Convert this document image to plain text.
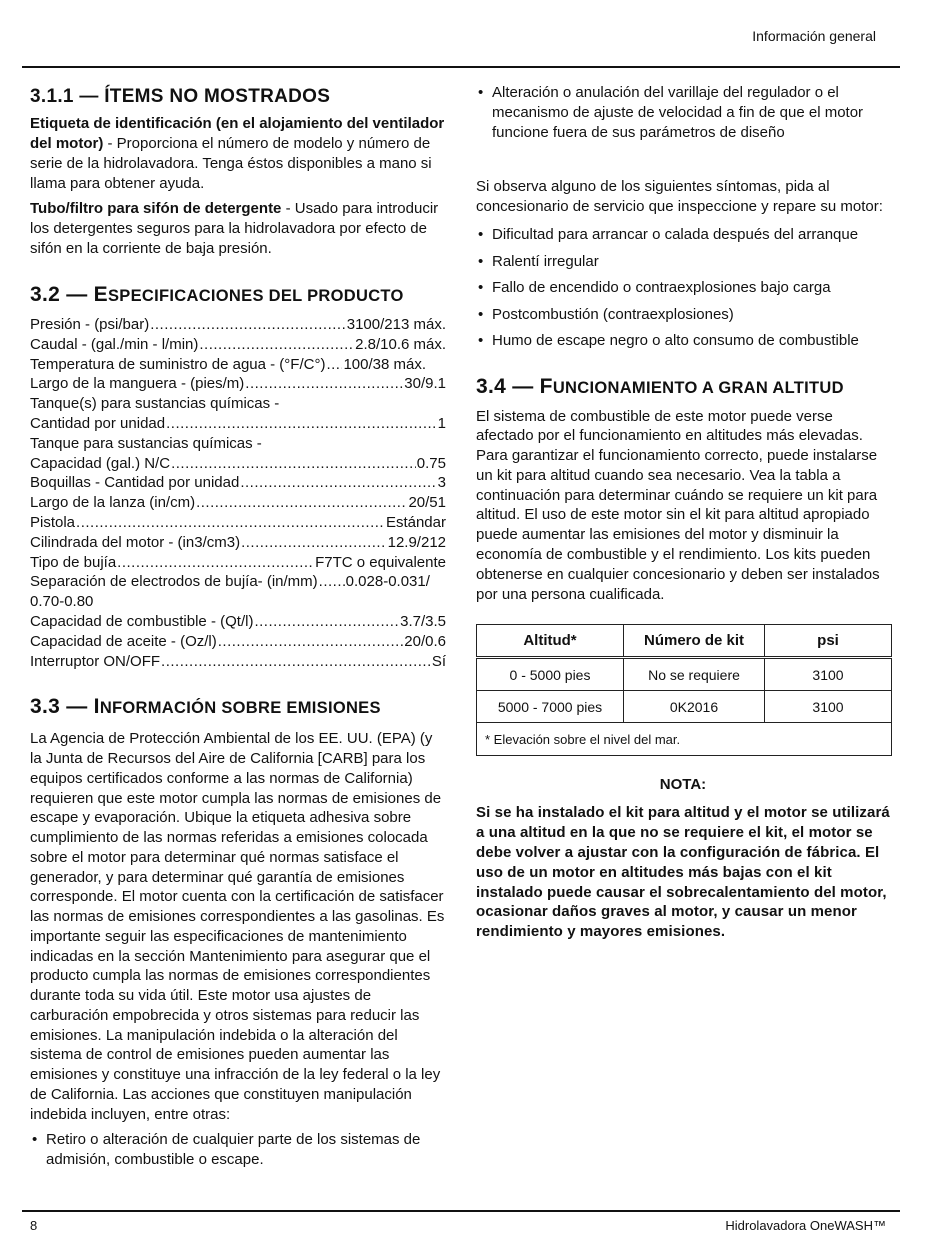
Información general
3.1.1 — ÍTEMS NO MOSTRADOS

Etiqueta de identificación (en el alojamiento del ventilador del motor) - Proporciona el número de modelo y número de serie de la hidrolavadora. Tenga éstos disponibles a mano si llama para obtener ayuda.

Tubo/filtro para sifón de detergente - Usado para introducir los detergentes seguros para la hidrolavadora por efecto de sifón en la corriente de baja presión.

3.2 — ESPECIFICACIONES DEL PRODUCTO
Presión - (psi/bar) .....	3100/213 máx.
Caudal - (gal./min - l/min) .....	2.8/10.6 máx.
Temperatura de suministro de agua - (°F/C°) ..... 100/38 máx.
Largo de la manguera - (pies/m) .....	30/9.1
Tanque(s) para sustancias químicas -
Cantidad por unidad .....	1
Tanque para sustancias químicas -
Capacidad (gal.) N/C .....	0.75
Boquillas - Cantidad por unidad .....	3
Largo de la lanza (in/cm) .....	20/51
Pistola .....	Estándar
Cilindrada del motor - (in3/cm3) .....	12.9/212
Tipo de bujía .....	F7TC o equivalente
Separación de electrodos de bujía- (in/mm) ..... 0.028-0.031/
0.70-0.80
Capacidad de combustible - (Qt/l) .....	3.7/3.5
Capacidad de aceite - (Oz/l) .....	20/0.6
Interruptor ON/OFF .....	Sí
3.3 — INFORMACIÓN SOBRE EMISIONES

La Agencia de Protección Ambiental de los EE. UU. (EPA) (y la Junta de Recursos del Aire de California [CARB] para los equipos certificados conforme a las normas de California) requieren que este motor cumpla las normas de emisiones de escape y evaporación. Ubique la etiqueta adhesiva sobre cumplimiento de las normas referidas a emisiones colocada sobre el motor para determinar qué normas satisface el generador, y para determinar qué garantía de emisiones corresponde. El motor cuenta con la certificación de satisfacer las normas de emisiones correspondientes a las gasolinas. Es importante seguir las especificaciones de mantenimiento indicadas en la sección Mantenimiento para asegurar que el producto cumpla las normas de emisiones correspondientes durante toda su vida útil. Este motor usa ajustes de carburación empobrecida y otros sistemas para reducir las emisiones. La manipulación indebida o la alteración del sistema de control de emisiones pueden aumentar las emisiones y constituye una infracción de la ley federal o la ley de California. Las acciones que constituyen manipulación indebida incluyen, entre otras:

• Retiro o alteración de cualquier parte de los sistemas de admisión, combustible o escape.
• Alteración o anulación del varillaje del regulador o el mecanismo de ajuste de velocidad a fin de que el motor funcione fuera de sus parámetros de diseño

Si observa alguno de los siguientes síntomas, pida al concesionario de servicio que inspeccione y repare su motor:

• Dificultad para arrancar o calada después del arranque
• Ralentí irregular
• Fallo de encendido o contraexplosiones bajo carga
• Postcombustión (contraexplosiones)
• Humo de escape negro o alto consumo de combustible
3.4 — FUNCIONAMIENTO A GRAN ALTITUD

El sistema de combustible de este motor puede verse afectado por el funcionamiento en altitudes más elevadas. Para garantizar el funcionamiento correcto, puede instalarse un kit para altitud cuando sea necesario. Vea la tabla a continuación para determinar cuándo se requiere un kit para altitud. El uso de este motor sin el kit para altitud apropiado puede aumentar las emisiones del motor y disminuir la economía de combustible y el rendimiento. Los kits pueden obtenerse en cualquier concesionario y deben ser instalados por una persona cualificada.

Altitud*	Número de kit	psi
0 - 5000 pies	No se requiere	3100
5000 - 7000 pies	0K2016	3100
* Elevación sobre el nivel del mar.		
NOTA:

Si se ha instalado el kit para altitud y el motor se utilizará a una altitud en la que no se requiere el kit, el motor se debe volver a ajustar con la configuración de fábrica. El uso de un motor en altitudes más bajas con el kit instalado puede causar el sobrecalentamiento del motor, ocasionar daños graves al motor, y causar un menor rendimiento y mayores emisiones.

8	Hidrolavadora OneWASH™
